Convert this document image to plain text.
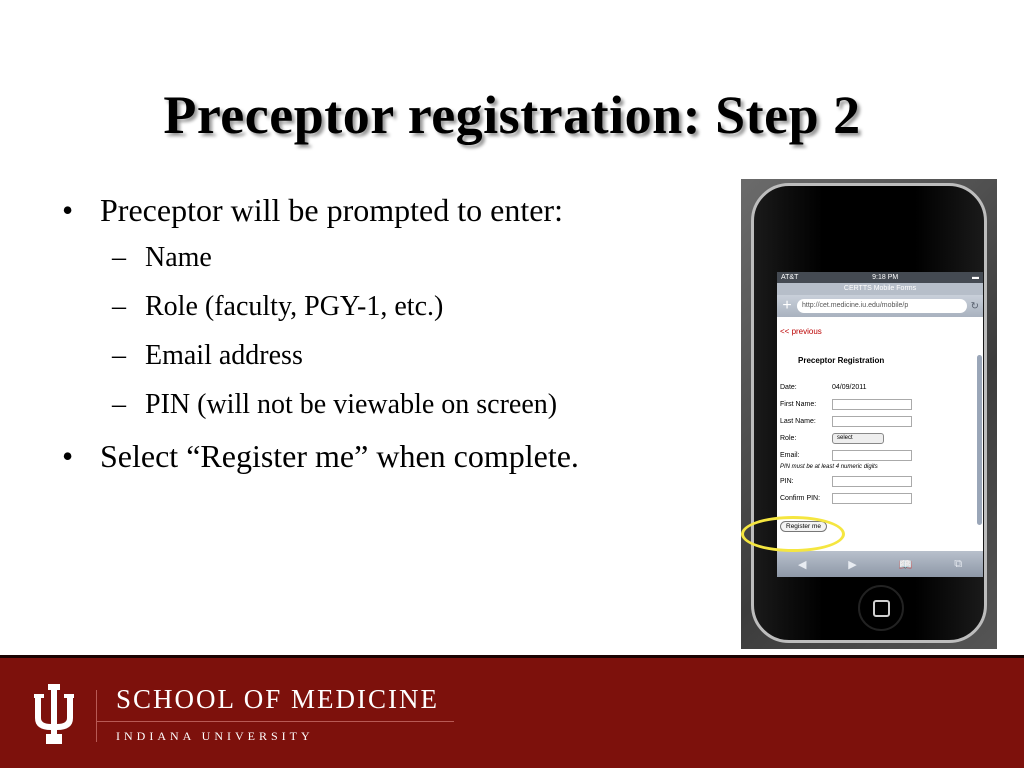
Preceptor registration: Step 2
• Preceptor will be prompted to enter:
– Name
– Role (faculty, PGY-1, etc.)
– Email address
– PIN (will not be viewable on screen)
• Select “Register me” when complete.
AT&T	9:18 PM	▬
CERTTS Mobile Forms
+	http://cet.medicine.iu.edu/mobile/p	↻
<< previous
Preceptor Registration
Date:	04/09/2011
First Name:
Last Name:
Role:	select
Email:
PIN must be at least 4 numeric digits
PIN:
Confirm PIN:
Register me
◀	▶	📖	⧉
SCHOOL OF MEDICINE
INDIANA UNIVERSITY
